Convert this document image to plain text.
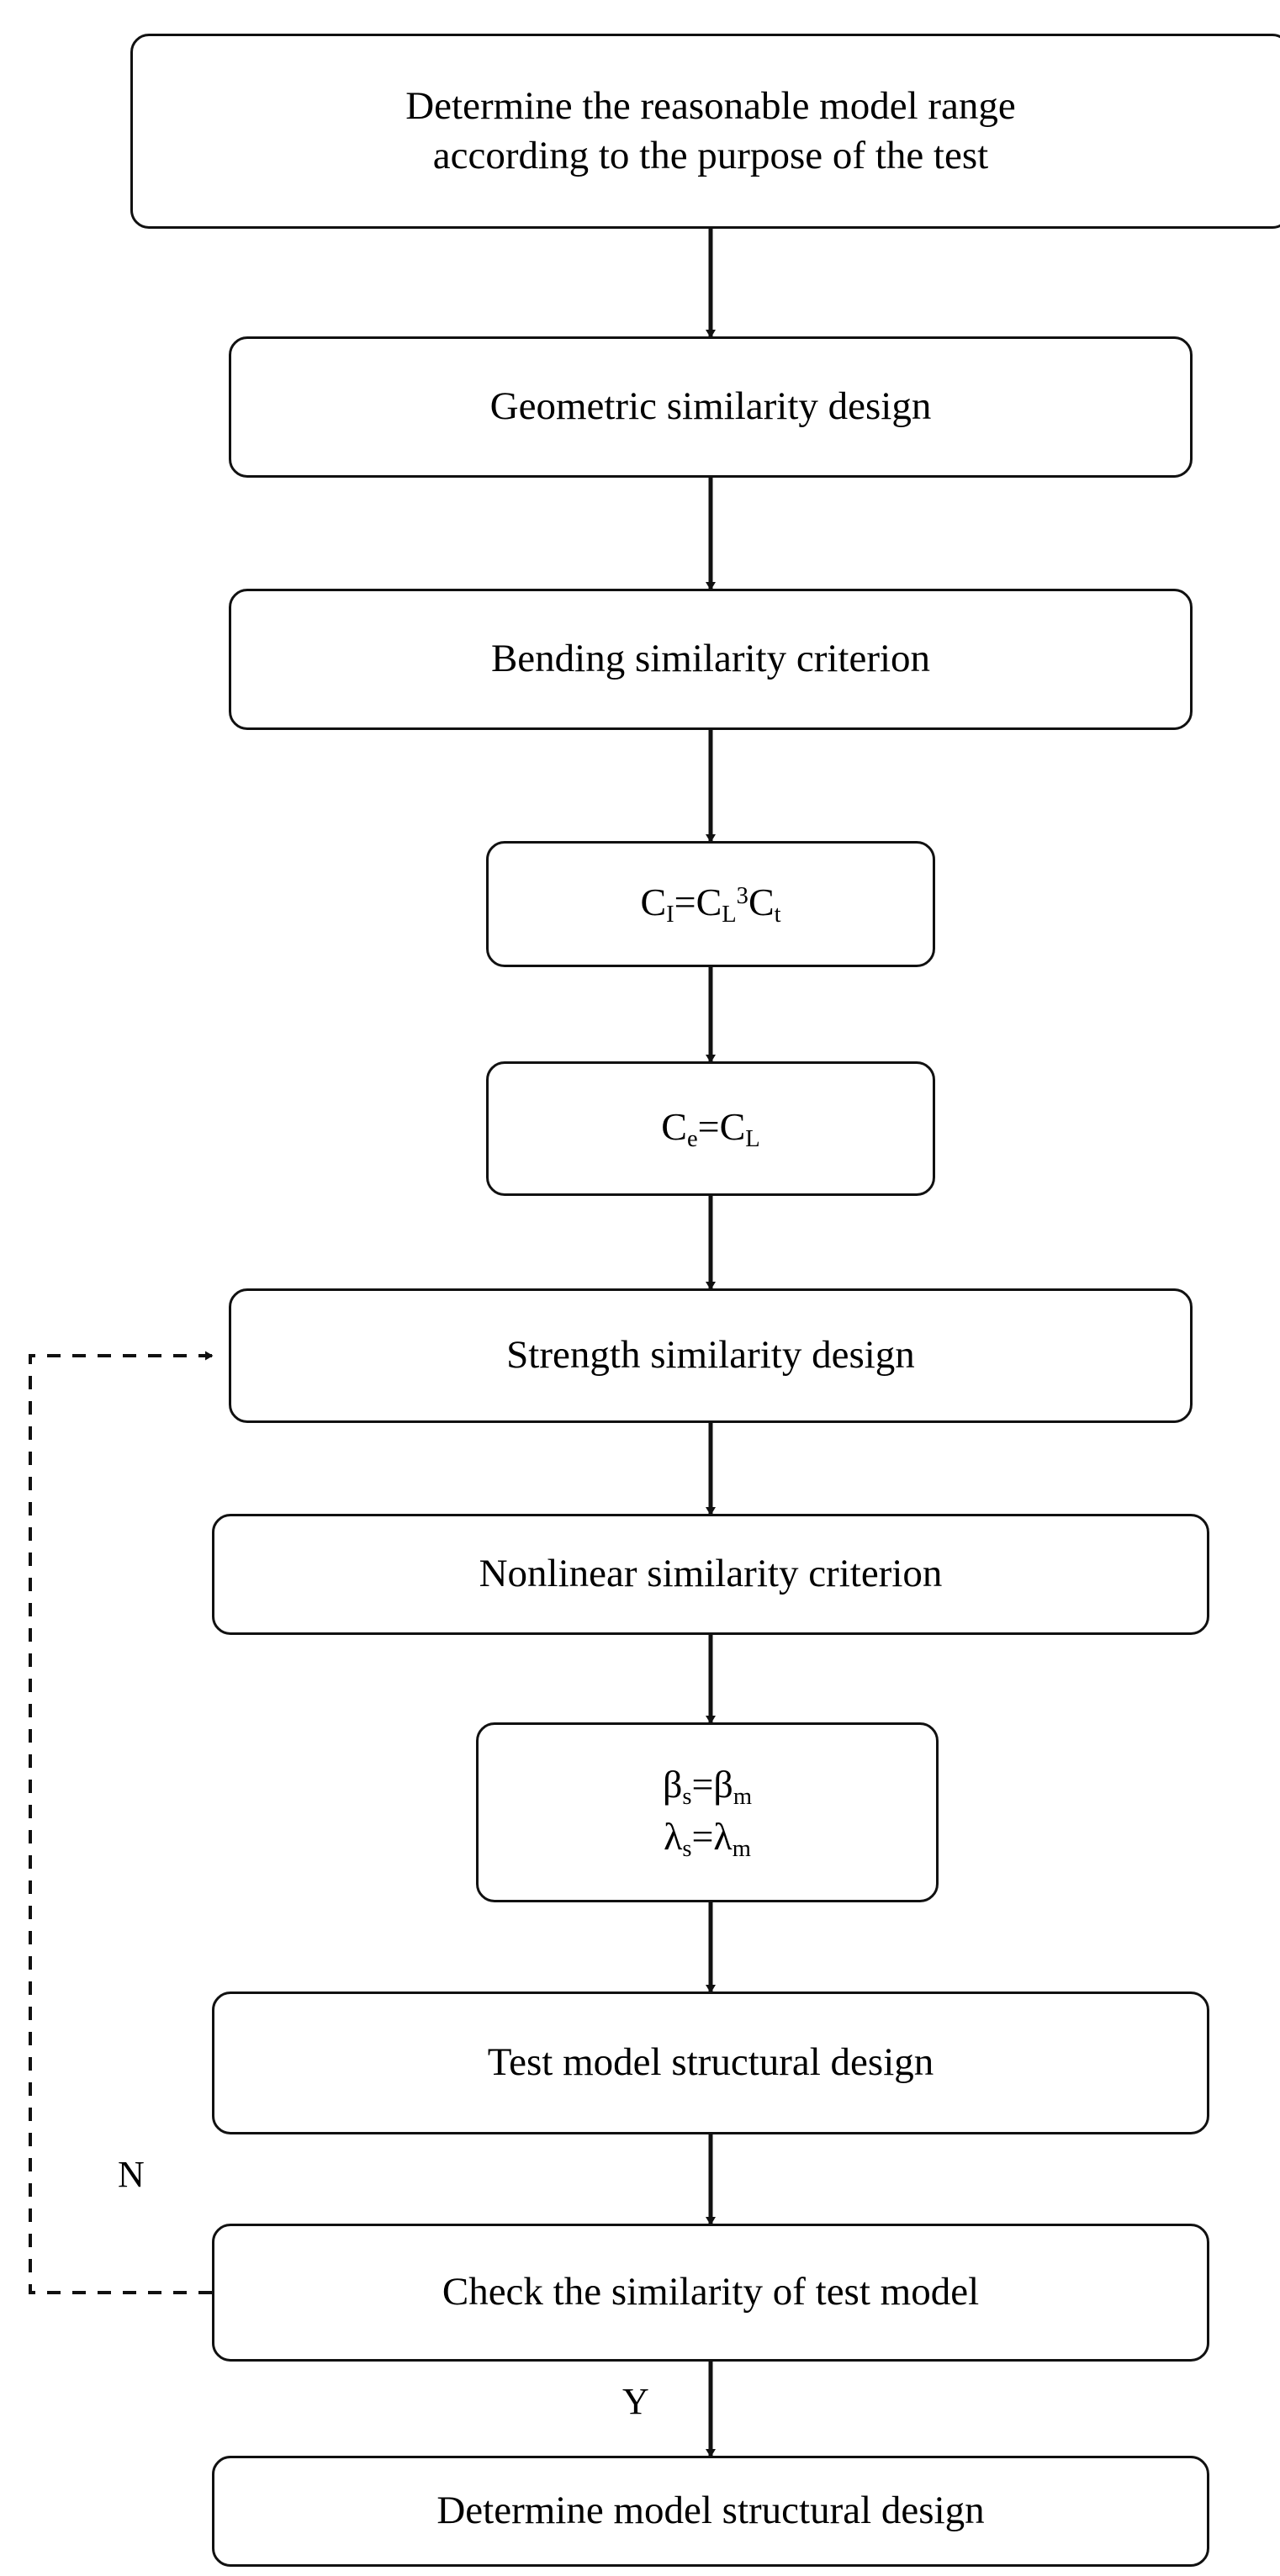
Determine the reasonable model range
according to the purpose of the test
Geometric similarity design
Bending similarity criterion
$C_I=C_L^3C_t$
$C_e=C_L$
Strength similarity design
Nonlinear similarity criterion
$\beta_s=\beta_m$
$\lambda_s=\lambda_m$
Test model structural design
Check the similarity of test model
Determine model structural design
N
Y
